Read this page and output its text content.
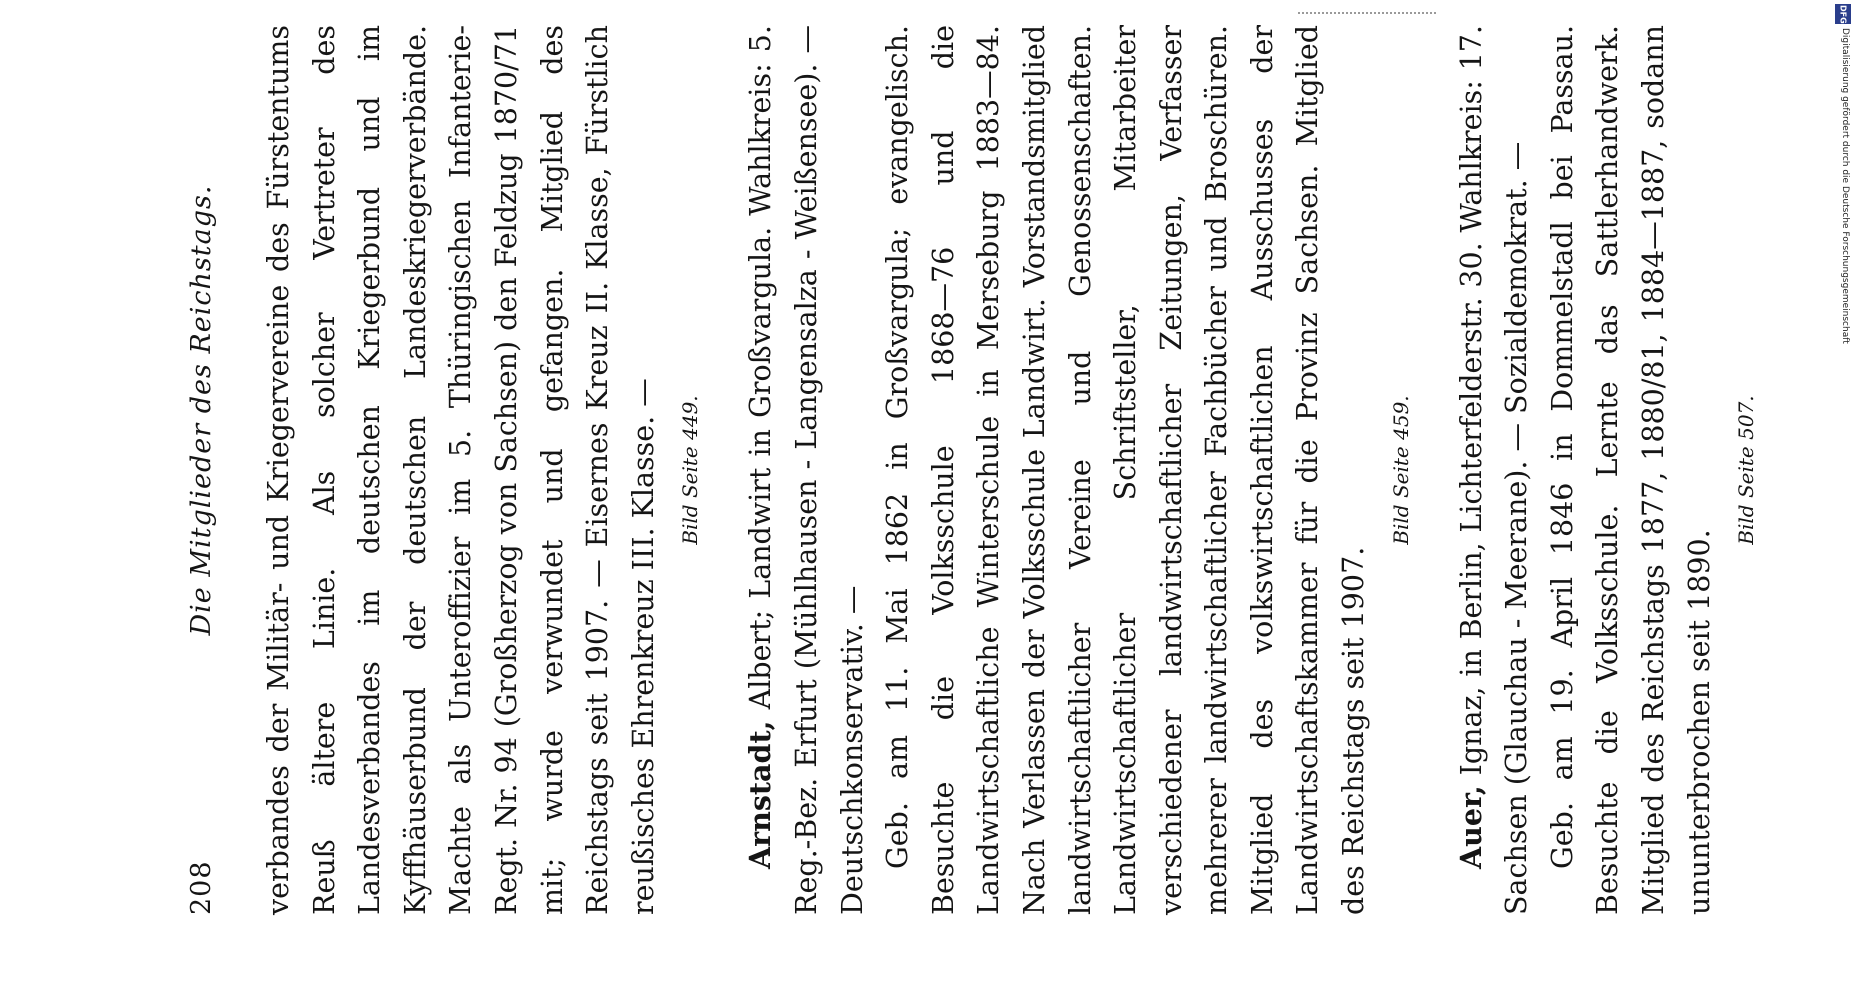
DFG
Digitalisierung gefördert durch die Deutsche Forschungsgemeinschaft
208
Die Mitglieder des Reichstags. verbandes der Militär- und Kriegervereine des Fürstentums Reuß ältere Linie. Als solcher Vertreter des Landesverbandes im deutschen Kriegerbund und im Kyffhäuserbund der deutschen Landeskriegerverbände. Machte als Unteroffizier im 5. Thüringischen Infanterie-Regt. Nr. 94 (Großherzog von Sachsen) den Feldzug 1870/71 mit; wurde verwundet und gefangen. Mitglied des Reichstags seit 1907. — Eisernes Kreuz II. Klasse, Fürstlich reußisches Ehrenkreuz III. Klasse. — Bild Seite 449.

Arnstadt, Albert; Landwirt in Großvargula. Wahlkreis: 5. Reg.-Bez. Erfurt (Mühlhausen - Langensalza - Weißensee). — Deutschkonservativ. — Geb. am 11. Mai 1862 in Großvargula; evangelisch. Besuchte die Volksschule 1868—76 und die Landwirtschaftliche Winterschule in Merseburg 1883—84. Nach Verlassen der Volksschule Landwirt. Vorstandsmitglied landwirtschaftlicher Vereine und Genossenschaften. Landwirtschaftlicher Schriftsteller, Mitarbeiter verschiedener landwirtschaftlicher Zeitungen, Verfasser mehrerer landwirtschaftlicher Fachbücher und Broschüren. Mitglied des volkswirtschaftlichen Ausschusses der Landwirtschaftskammer für die Provinz Sachsen. Mitglied des Reichstags seit 1907.

Bild Seite 459.

Auer, Ignaz, in Berlin, Lichterfelderstr. 30. Wahlkreis: 17. Sachsen (Glauchau - Meerane). — Sozialdemokrat. — Geb. am 19. April 1846 in Dommelstadl bei Passau. Besuchte die Volksschule. Lernte das Sattlerhandwerk. Mitglied des Reichstags 1877, 1880/81, 1884—1887, sodann ununterbrochen seit 1890.

Bild Seite 507.
